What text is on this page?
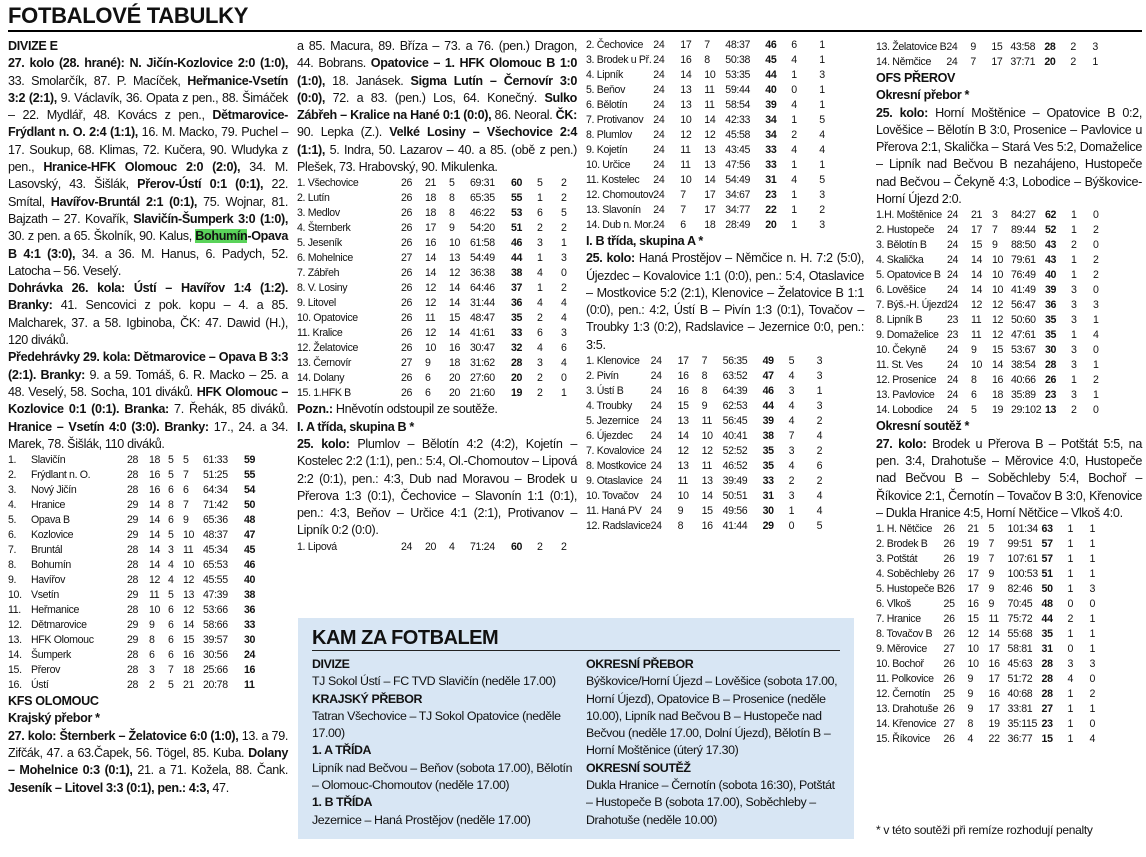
FOTBALOVÉ TABULKY
DIVIZE E
27. kolo (28. hrané): N. Jičín-Kozlovice 2:0 (1:0), 33. Smolarčík, 87. P. Macíček, Heřmanice-Vsetín 3:2 (2:1), 9. Václavík, 36. Opata z pen., 88. Šimáček – 22. Mydlář, 48. Kovács z pen., Dětmarovice-Frýdlant n. O. 2:4 (1:1), 16. M. Macko, 79. Puchel – 17. Soukup, 68. Klimas, 72. Kučera, 90. Wludyka z pen., Hranice-HFK Olomouc 2:0 (2:0), 34. M. Lasovský, 43. Šišlák, Přerov-Ústí 0:1 (0:1), 22. Smítal, Havířov-Bruntál 2:1 (0:1), 75. Wojnar, 81. Bajzath – 27. Kovařík, Slavičín-Šumperk 3:0 (1:0), 30. z pen. a 65. Školník, 90. Kalus, Bohumín-Opava B 4:1 (3:0), 34. a 36. M. Hanus, 6. Padych, 52. Latocha – 56. Veselý.
Dohrávka 26. kola: Ústí – Havířov 1:4 (1:2). Branky: 41. Sencovici z pok. kopu – 4. a 85. Malcharek, 37. a 58. Igbinoba, ČK: 47. Dawid (H.), 120 diváků.
Předehrávky 29. kola: Dětmarovice – Opava B 3:3 (2:1). Branky: 9. a 59. Tomáš, 6. R. Macko – 25. a 48. Veselý, 58. Socha, 101 diváků. HFK Olomouc – Kozlovice 0:1 (0:1). Branka: 7. Řehák, 85 diváků. Hranice – Vsetín 4:0 (3:0). Branky: 17., 24. a 34. Marek, 78. Šišlák, 110 diváků.
1.	Slavičín	28	18	5	5	61:33	59
2.	Frýdlant n. O.	28	16	5	7	51:25	55
3.	Nový Jičín	28	16	6	6	64:34	54
4.	Hranice	29	14	8	7	71:42	50
5.	Opava B	29	14	6	9	65:36	48
6.	Kozlovice	29	14	5	10	48:37	47
7.	Bruntál	28	14	3	11	45:34	45
8.	Bohumín	28	14	4	10	65:53	46
9.	Havířov	28	12	4	12	45:55	40
10.	Vsetín	29	11	5	13	47:39	38
11.	Heřmanice	28	10	6	12	53:66	36
12.	Dětmarovice	29	9	6	14	58:66	33
13.	HFK Olomouc	29	8	6	15	39:57	30
14.	Šumperk	28	6	6	16	30:56	24
15.	Přerov	28	3	7	18	25:66	16
16.	Ústí	28	2	5	21	20:78	11
KFS OLOMOUC
Krajský přebor *
27. kolo: Šternberk – Želatovice 6:0 (1:0), 13. a 79. Zifčák, 47. a 63.Čapek, 56. Tögel, 85. Kuba. Dolany – Mohelnice 0:3 (0:1), 21. a 71. Koželа, 88. Čank. Jeseník – Litovel 3:3 (0:1), pen.: 4:3, 47.
a 85. Macura, 89. Bříza – 73. a 76. (pen.) Dragon, 44. Bobrans. Opatovice – 1. HFK Olomouc B 1:0 (1:0), 18. Janásek. Sigma Lutín – Černovír 3:0 (0:0), 72. a 83. (pen.) Los, 64. Konečný. Sulko Zábřeh – Kralice na Hané 0:1 (0:0), 86. Neoral. ČK: 90. Lepka (Z.). Velké Losiny – Všechovice 2:4 (1:1), 5. Indra, 50. Lazarov – 40. a 85. (obě z pen.) Plešek, 73. Hrabovský, 90. Mikulenka.
1. Všechovice	26	21	5	69:31	60	5	2
2. Lutín	26	18	8	65:35	55	1	2
3. Medlov	26	18	8	46:22	53	6	5
4. Šternberk	26	17	9	54:20	51	2	2
5. Jeseník	26	16	10	61:58	46	3	1
6. Mohelnice	27	14	13	54:49	44	1	3
7. Zábřeh	26	14	12	36:38	38	4	0
8. V. Losiny	26	12	14	64:46	37	1	2
9. Litovel	26	12	14	31:44	36	4	4
10. Opatovice	26	11	15	48:47	35	2	4
11. Kralice	26	12	14	41:61	33	6	3
12. Želatovice	26	10	16	30:47	32	4	6
13. Černovír	27	9	18	31:62	28	3	4
14. Dolany	26	6	20	27:60	20	2	0
15. 1.HFK B	26	6	20	21:60	19	2	1
Pozn.: Hněvotín odstoupil ze soutěže.
I. A třída, skupina B *
25. kolo: Plumlov – Bělotín 4:2 (4:2), Kojetín – Kostelec 2:2 (1:1), pen.: 5:4, Ol.-Chomoutov – Lipová 2:2 (0:1), pen.: 4:3, Dub nad Moravou – Brodek u Přerova 1:3 (0:1), Čechovice – Slavonín 1:1 (0:1), pen.: 4:3, Beňov – Určice 4:1 (2:1), Protivanov – Lipník 0:2 (0:0).
1. Lipová	24	20	4	71:24	60	2	2
2. Čechovice	24	17	7	48:37	46	6	1
3. Brodek u Př.	24	16	8	50:38	45	4	1
4. Lipník	24	14	10	53:35	44	1	3
5. Beňov	24	13	11	59:44	40	0	1
6. Bělotín	24	13	11	58:54	39	4	1
7. Protivanov	24	10	14	42:33	34	1	5
8. Plumlov	24	12	12	45:58	34	2	4
9. Kojetín	24	11	13	43:45	33	4	4
10. Určice	24	11	13	47:56	33	1	1
11. Kostelec	24	10	14	54:49	31	4	5
12. Chomoutov	24	7	17	34:67	23	1	3
13. Slavonín	24	7	17	34:77	22	1	2
14. Dub n. Mor.	24	6	18	28:49	20	1	3
I. B třída, skupina A *
25. kolo: Haná Prostějov – Němčice n. H. 7:2 (5:0), Újezdec – Kovalovice 1:1 (0:0), pen.: 5:4, Otaslavice – Mostkovice 5:2 (2:1), Klenovice – Želatovice B 1:1 (0:0), pen.: 4:2, Ústí B – Pivín 1:3 (0:1), Tovačov – Troubky 1:3 (0:2), Radslavice – Jezernice 0:0, pen.: 3:5.
1. Klenovice	24	17	7	56:35	49	5	3
2. Pivín	24	16	8	63:52	47	4	3
3. Ústí B	24	16	8	64:39	46	3	1
4. Troubky	24	15	9	62:53	44	4	3
5. Jezernice	24	13	11	56:45	39	4	2
6. Újezdec	24	14	10	40:41	38	7	4
7. Kovalovice	24	12	12	52:52	35	3	2
8. Mostkovice	24	13	11	46:52	35	4	6
9. Otaslavice	24	11	13	39:49	33	2	2
10. Tovačov	24	10	14	50:51	31	3	4
11. Haná PV	24	9	15	49:56	30	1	4
12. Radslavice	24	8	16	41:44	29	0	5
13. Želatovice B	24	9	15	43:58	28	2	3
14. Němčice	24	7	17	37:71	20	2	1
OFS PŘEROV
Okresní přebor *
25. kolo: Horní Moštěnice – Opatovice B 0:2, Lověšice – Bělotín B 3:0, Prosenice – Pavlovice u Přerova 2:1, Skalička – Stará Ves 5:2, Domaželice – Lipník nad Bečvou B nezahájeno, Hustopeče nad Bečvou – Čekyně 4:3, Lobodice – Býškovice-Horní Újezd 2:0.
1.H. Moštěnice	24	21	3	84:27	62	1	0
2. Hustopeče	24	17	7	89:44	52	1	2
3. Bělotín B	24	15	9	88:50	43	2	0
4. Skalička	24	14	10	79:61	43	1	2
5. Opatovice B	24	14	10	76:49	40	1	2
6. Lověšice	24	14	10	41:49	39	3	0
7. Býš.-H. Újezd	24	12	12	56:47	36	3	3
8. Lipník B	23	11	12	50:60	35	3	1
9. Domaželice	23	11	12	47:61	35	1	4
10. Čekyně	24	9	15	53:67	30	3	0
11. St. Ves	24	10	14	38:54	28	3	1
12. Prosenice	24	8	16	40:66	26	1	2
13. Pavlovice	24	6	18	35:89	23	3	1
14. Lobodice	24	5	19	29:102	13	2	0
Okresní soutěž *
27. kolo: Brodek u Přerova B – Potštát 5:5, na pen. 3:4, Drahotuše – Měrovice 4:0, Hustopeče nad Bečvou B – Soběchleby 5:4, Bochoř – Říkovice 2:1, Černotín – Tovačov B 3:0, Křenovice – Dukla Hranice 4:5, Horní Nětčice – Vlkoš 4:0.
1. H. Nětčice	26	21	5	101:34	63	1	1
2. Brodek B	26	19	7	99:51	57	1	1
3. Potštát	26	19	7	107:61	57	1	1
4. Soběchleby	26	17	9	100:53	51	1	1
5. Hustopeče B	26	17	9	82:46	50	1	3
6. Vlkoš	25	16	9	70:45	48	0	0
7. Hranice	26	15	11	75:72	44	2	1
8. Tovačov B	26	12	14	55:68	35	1	1
9. Měrovice	27	10	17	58:81	31	0	1
10. Bochoř	26	10	16	45:63	28	3	3
11. Polkovice	26	9	17	51:72	28	4	0
12. Černotín	25	9	16	40:68	28	1	2
13. Drahotuše	26	9	17	33:81	27	1	1
14. Křenovice	27	8	19	35:115	23	1	0
15. Říkovice	26	4	22	36:77	15	1	4
* v této soutěži při remíze rozhodují penalty
KAM ZA FOTBALEM
DIVIZE
TJ Sokol Ústí – FC TVD Slavičín (neděle 17.00)
KRAJSKÝ PŘEBOR
Tatran Všechovice – TJ Sokol Opatovice (neděle 17.00)
1. A TŘÍDA
Lipník nad Bečvou – Beňov (sobota 17.00), Bělotín – Olomouc-Chomoutov (neděle 17.00)
1. B TŘÍDA
Jezernice – Haná Prostějov (neděle 17.00)
OKRESNÍ PŘEBOR
Býškovice/Horní Újezd – Lověšice (sobota 17.00, Horní Újezd), Opatovice B – Prosenice (neděle 10.00), Lipník nad Bečvou B – Hustopeče nad Bečvou (neděle 17.00, Dolní Újezd), Bělotín B – Horní Moštěnice (úterý 17.30)
OKRESNÍ SOUTĚŽ
Dukla Hranice – Černotín (sobota 16:30), Potštát – Hustopeče B (sobota 17.00), Soběchleby – Drahotuše (neděle 10.00)
